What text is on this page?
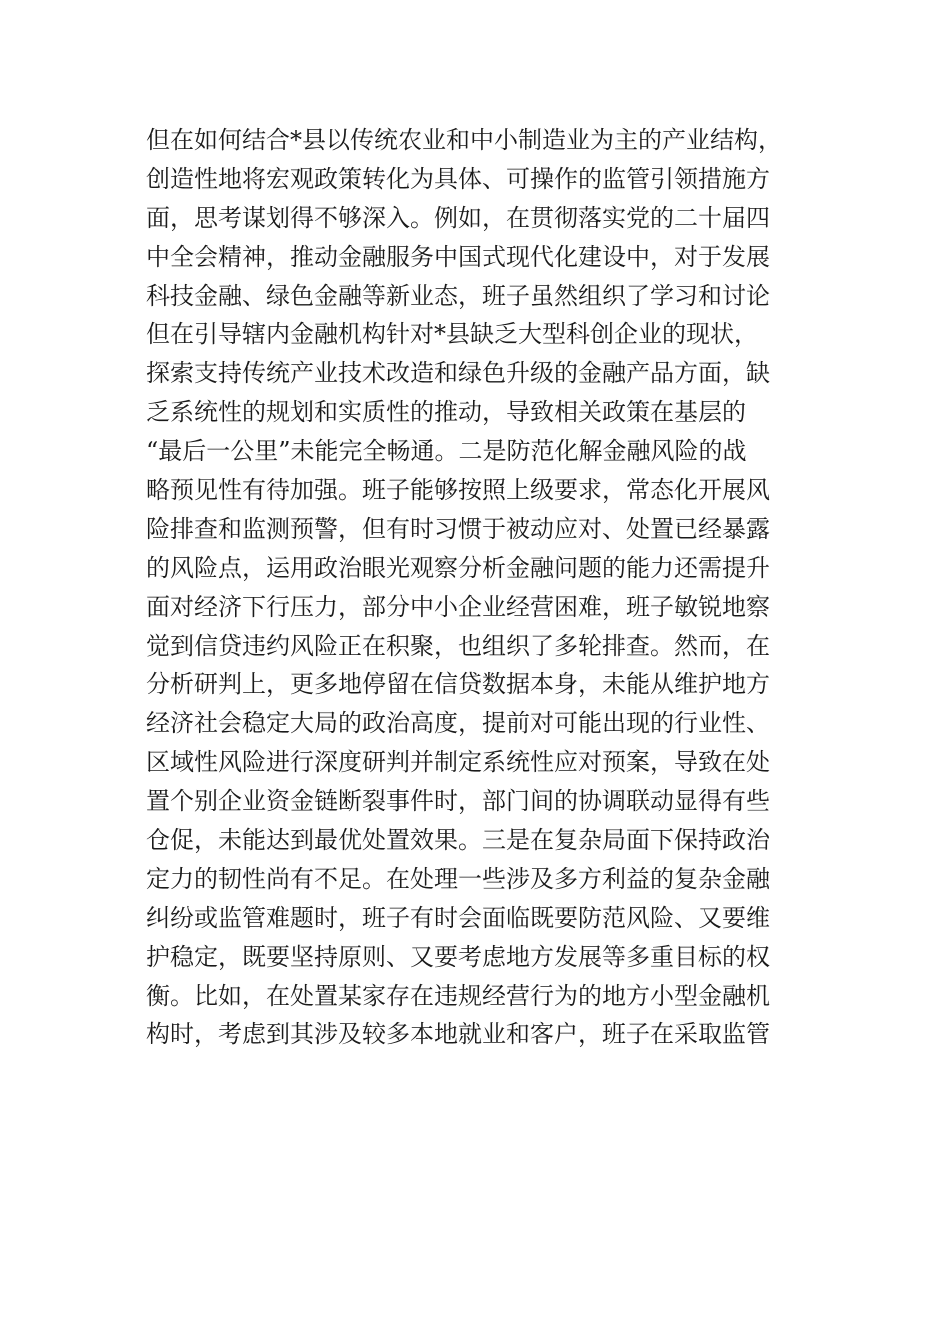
但在如何结合*县以传统农业和中小制造业为主的产业结构，
创造性地将宏观政策转化为具体、可操作的监管引领措施方
面，思考谋划得不够深入。例如，在贯彻落实党的二十届四
中全会精神，推动金融服务中国式现代化建设中，对于发展
科技金融、绿色金融等新业态，班子虽然组织了学习和讨论
但在引导辖内金融机构针对*县缺乏大型科创企业的现状，
探索支持传统产业技术改造和绿色升级的金融产品方面，缺
乏系统性的规划和实质性的推动，导致相关政策在基层的
“最后一公里”未能完全畅通。二是防范化解金融风险的战
略预见性有待加强。班子能够按照上级要求，常态化开展风
险排查和监测预警，但有时习惯于被动应对、处置已经暴露
的风险点，运用政治眼光观察分析金融问题的能力还需提升
面对经济下行压力，部分中小企业经营困难，班子敏锐地察
觉到信贷违约风险正在积聚，也组织了多轮排查。然而，在
分析研判上，更多地停留在信贷数据本身，未能从维护地方
经济社会稳定大局的政治高度，提前对可能出现的行业性、
区域性风险进行深度研判并制定系统性应对预案，导致在处
置个别企业资金链断裂事件时，部门间的协调联动显得有些
仓促，未能达到最优处置效果。三是在复杂局面下保持政治
定力的韧性尚有不足。在处理一些涉及多方利益的复杂金融
纠纷或监管难题时，班子有时会面临既要防范风险、又要维
护稳定，既要坚持原则、又要考虑地方发展等多重目标的权
衡。比如，在处置某家存在违规经营行为的地方小型金融机
构时，考虑到其涉及较多本地就业和客户，班子在采取监管
